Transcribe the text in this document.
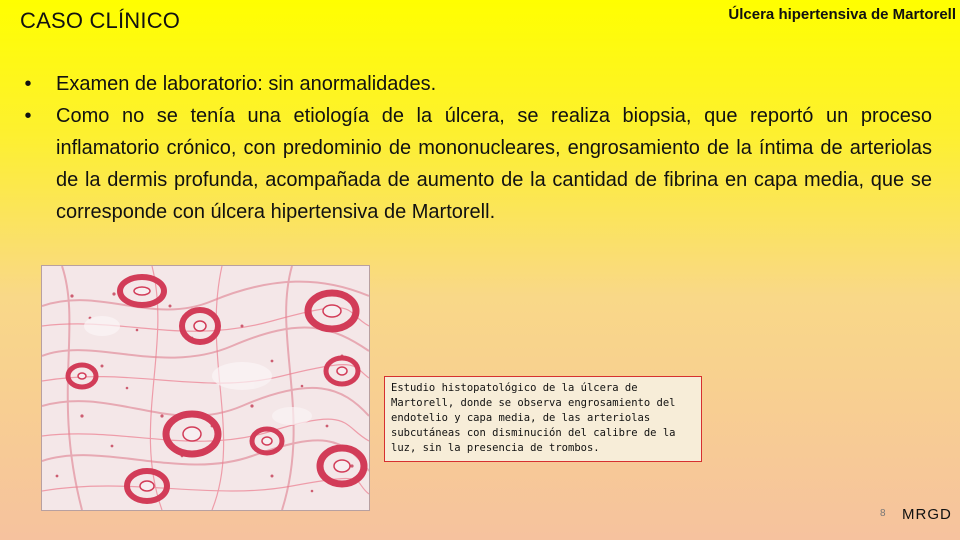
CASO CLÍNICO	Úlcera hipertensiva de Martorell
•	Examen de laboratorio: sin anormalidades.
•	Como no se tenía una etiología de la úlcera, se realiza biopsia, que reportó un proceso inflamatorio crónico, con predominio de mononucleares, engrosamiento de la íntima de arteriolas de la dermis profunda, acompañada de aumento de la cantidad de fibrina en capa media, que se corresponde con úlcera hipertensiva de Martorell.
Estudio histopatológico de la úlcera de Martorell, donde se observa engrosamiento del endotelio y capa media, de las arteriolas subcutáneas con disminución del calibre de la luz, sin la presencia de trombos.
8 MRGD
